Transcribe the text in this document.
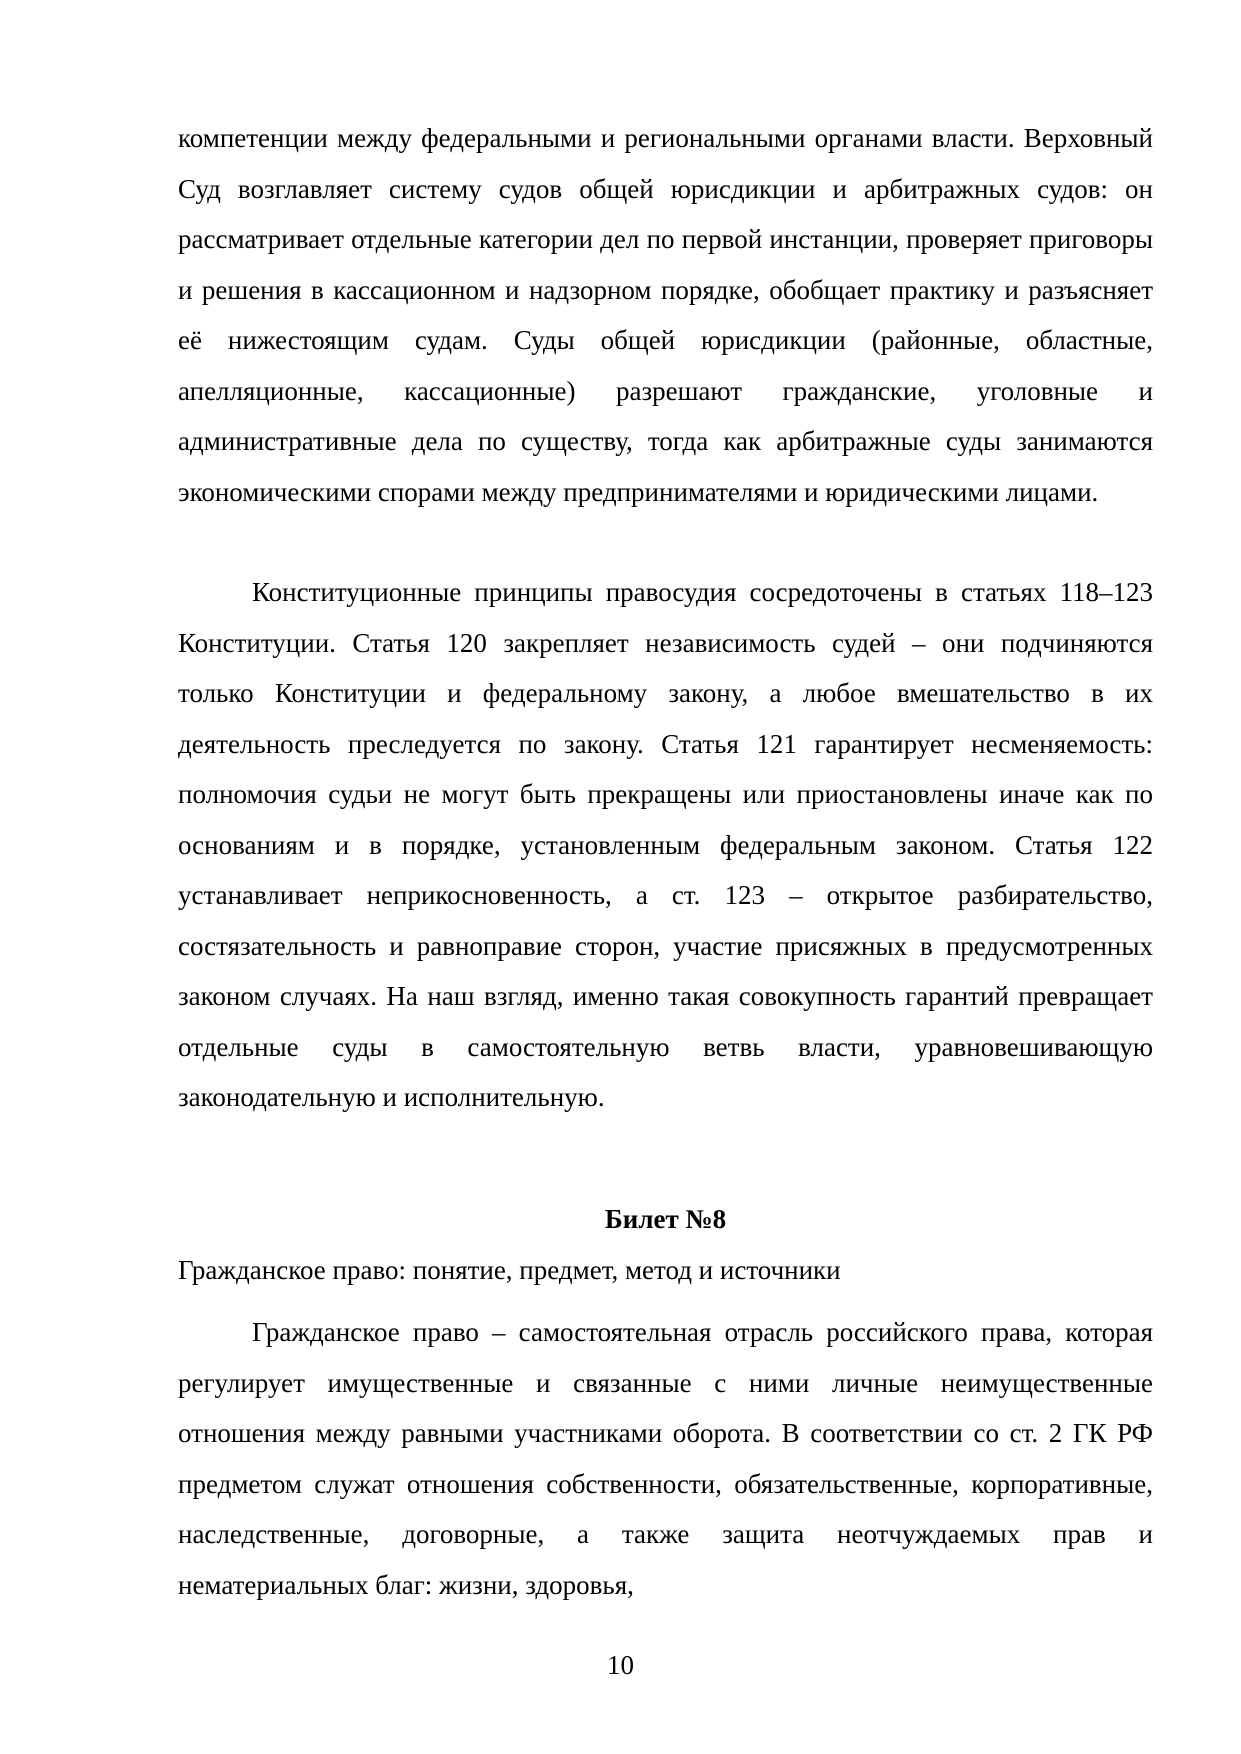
компетенции между федеральными и региональными органами власти. Верховный Суд возглавляет систему судов общей юрисдикции и арбитражных судов: он рассматривает отдельные категории дел по первой инстанции, проверяет приговоры и решения в кассационном и надзорном порядке, обобщает практику и разъясняет её нижестоящим судам. Суды общей юрисдикции (районные, областные, апелляционные, кассационные) разрешают гражданские, уголовные и административные дела по существу, тогда как арбитражные суды занимаются экономическими спорами между предпринимателями и юридическими лицами.

Конституционные принципы правосудия сосредоточены в статьях 118–123 Конституции. Статья 120 закрепляет независимость судей – они подчиняются только Конституции и федеральному закону, а любое вмешательство в их деятельность преследуется по закону. Статья 121 гарантирует несменяемость: полномочия судьи не могут быть прекращены или приостановлены иначе как по основаниям и в порядке, установленным федеральным законом. Статья 122 устанавливает неприкосновенность, а ст. 123 – открытое разбирательство, состязательность и равноправие сторон, участие присяжных в предусмотренных законом случаях. На наш взгляд, именно такая совокупность гарантий превращает отдельные суды в самостоятельную ветвь власти, уравновешивающую законодательную и исполнительную.

Билет №8

Гражданское право: понятие, предмет, метод и источники

Гражданское право – самостоятельная отрасль российского права, которая регулирует имущественные и связанные с ними личные неимущественные отношения между равными участниками оборота. В соответствии со ст. 2 ГК РФ предметом служат отношения собственности, обязательственные, корпоративные, наследственные, договорные, а также защита неотчуждаемых прав и нематериальных благ: жизни, здоровья,

10
